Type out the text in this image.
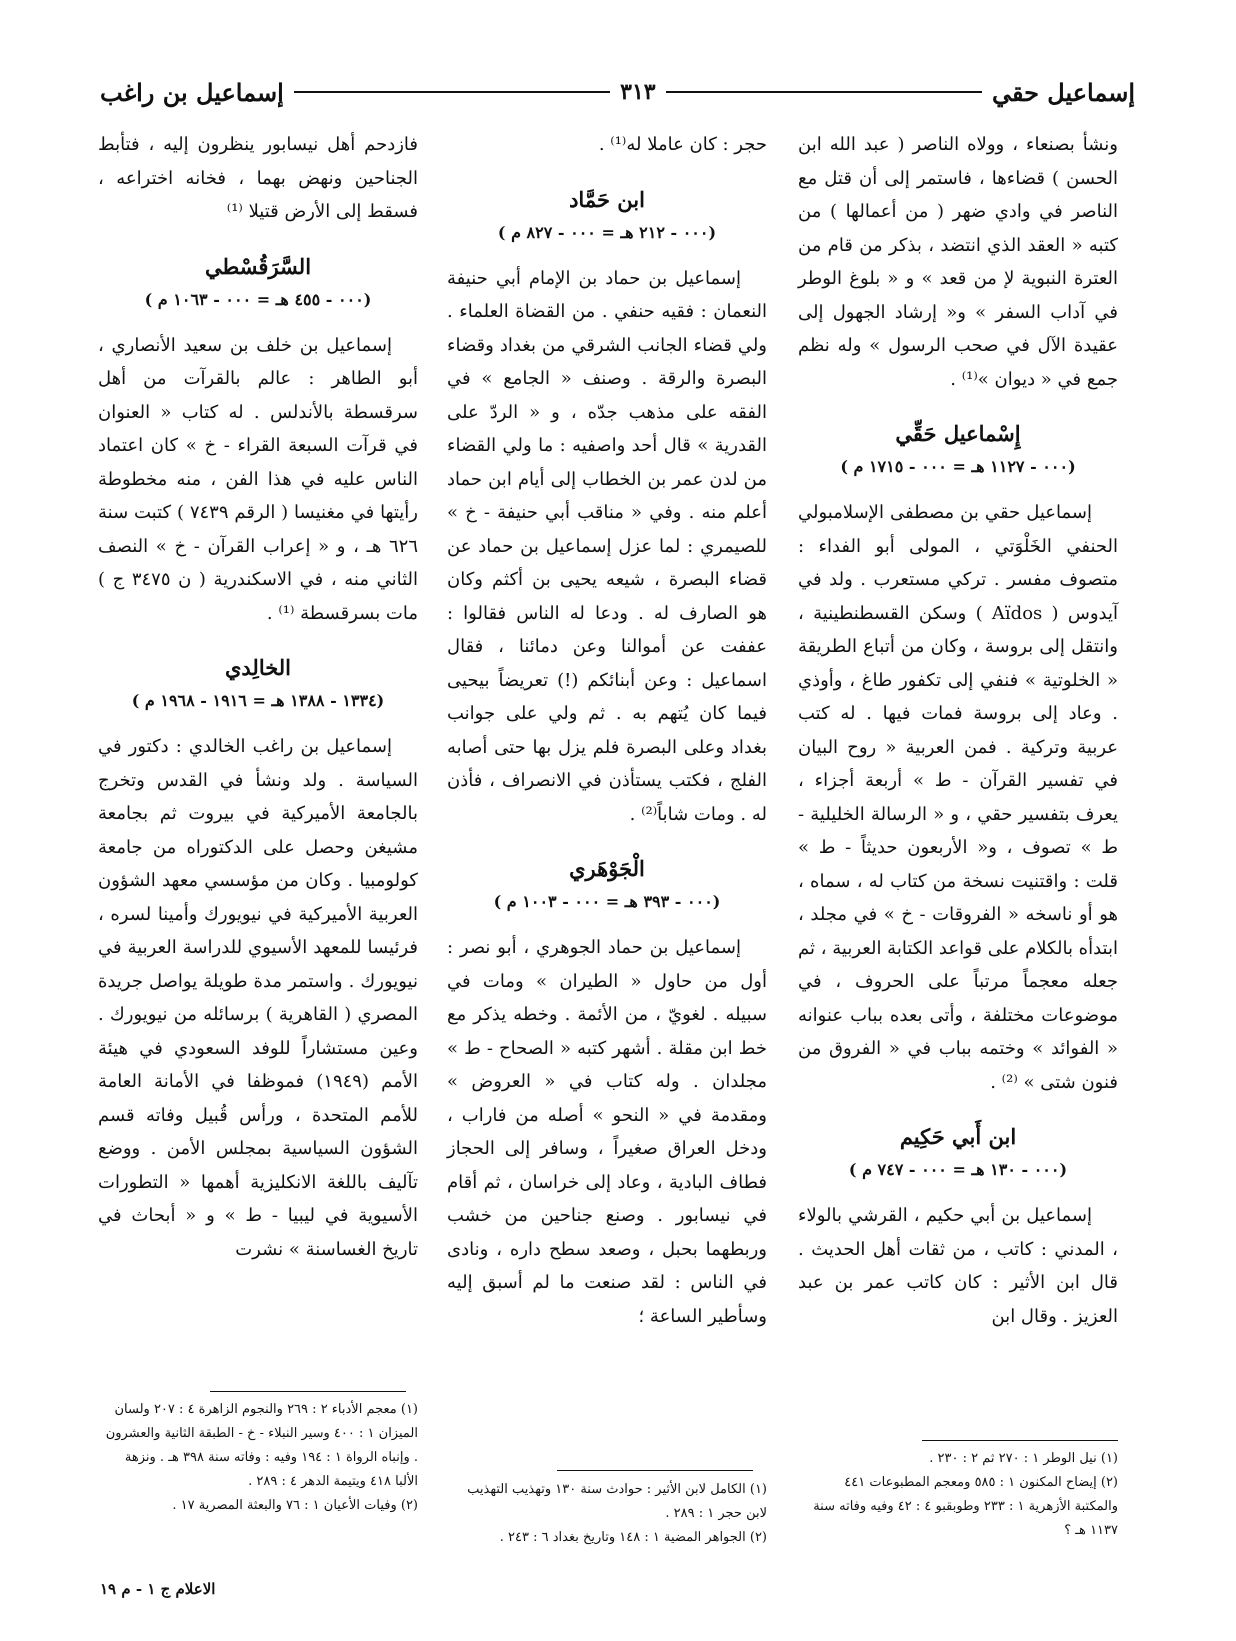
إسماعيل حقي
٣١٣
إسماعيل بن راغب

ونشأ بصنعاء ، وولاه الناصر ( عبد الله ابن الحسن ) قضاءها ، فاستمر إلى أن قتل مع الناصر في وادي ضهر ( من أعمالها ) من كتبه « العقد الذي انتضد ، بذكر من قام من العترة النبوية لإ من قعد » و « بلوغ الوطر في آداب السفر » و« إرشاد الجهول إلى عقيدة الآل في صحب الرسول » وله نظم جمع في « ديوان »⁽¹⁾ .

إِسْماعيل حَقِّي
(٠٠٠ - ١١٢٧ هـ = ٠٠٠ - ١٧١٥ م )

إسماعيل حقي بن مصطفى الإسلامبولي الحنفي الخَلْوَتي ، المولى أبو الفداء : متصوف مفسر . تركي مستعرب . ولد في آيدوس ( Aïdos ) وسكن القسطنطينية ، وانتقل إلى بروسة ، وكان من أتباع الطريقة « الخلوتية » فنفي إلى تكفور طاغ ، وأوذي . وعاد إلى بروسة فمات فيها . له كتب عربية وتركية . فمن العربية « روح البيان في تفسير القرآن - ط » أربعة أجزاء ، يعرف بتفسير حقي ، و « الرسالة الخليلية - ط » تصوف ، و« الأربعون حديثاً - ط » قلت : واقتنيت نسخة من كتاب له ، سماه ، هو أو ناسخه « الفروقات - خ » في مجلد ، ابتدأه بالكلام على قواعد الكتابة العربية ، ثم جعله معجماً مرتباً على الحروف ، في موضوعات مختلفة ، وأتى بعده بباب عنوانه « الفوائد » وختمه بباب في « الفروق من فنون شتى » ⁽²⁾ .

ابن أَبي حَكِيم
(٠٠٠ - ١٣٠ هـ = ٠٠٠ - ٧٤٧ م )

إسماعيل بن أبي حكيم ، القرشي بالولاء ، المدني : كاتب ، من ثقات أهل الحديث . قال ابن الأثير : كان كاتب عمر بن عبد العزيز . وقال ابن

(١) نيل الوطر ١ : ٢٧٠ ثم ٢ : ٢٣٠ .

(٢) إيضاح المكنون ١ : ٥٨٥ ومعجم المطبوعات ٤٤١ والمكتبة الأزهرية ١ : ٢٣٣ وطوبقبو ٤ : ٤٢ وفيه وفاته سنة ١١٣٧ هـ ؟

حجر : كان عاملا له⁽¹⁾ .

ابن حَمَّاد
(٠٠٠ - ٢١٢ هـ = ٠٠٠ - ٨٢٧ م )

إسماعيل بن حماد بن الإمام أبي حنيفة النعمان : فقيه حنفي . من القضاة العلماء . ولي قضاء الجانب الشرقي من بغداد وقضاء البصرة والرقة . وصنف « الجامع » في الفقه على مذهب جدّه ، و « الردّ على القدرية » قال أحد واصفيه : ما ولي القضاء من لدن عمر بن الخطاب إلى أيام ابن حماد أعلم منه . وفي « مناقب أبي حنيفة - خ » للصيمري : لما عزل إسماعيل بن حماد عن قضاء البصرة ، شيعه يحيى بن أكثم وكان هو الصارف له . ودعا له الناس فقالوا : عففت عن أموالنا وعن دمائنا ، فقال اسماعيل : وعن أبنائكم (!) تعريضاً بيحيى فيما كان يُتهم به . ثم ولي على جوانب بغداد وعلى البصرة فلم يزل بها حتى أصابه الفلج ، فكتب يستأذن في الانصراف ، فأذن له . ومات شاباً⁽²⁾ .

الْجَوْهَري
(٠٠٠ - ٣٩٣ هـ = ٠٠٠ - ١٠٠٣ م )

إسماعيل بن حماد الجوهري ، أبو نصر : أول من حاول « الطيران » ومات في سبيله . لغويّ ، من الأئمة . وخطه يذكر مع خط ابن مقلة . أشهر كتبه « الصحاح - ط » مجلدان . وله كتاب في « العروض » ومقدمة في « النحو » أصله من فاراب ، ودخل العراق صغيراً ، وسافر إلى الحجاز فطاف البادية ، وعاد إلى خراسان ، ثم أقام في نيسابور . وصنع جناحين من خشب وربطهما بحبل ، وصعد سطح داره ، ونادى في الناس : لقد صنعت ما لم أسبق إليه وسأطير الساعة ؛

(١) الكامل لابن الأثير : حوادث سنة ١٣٠ وتهذيب التهذيب لابن حجر ١ : ٢٨٩ .

(٢) الجواهر المضية ١ : ١٤٨ وتاريخ بغداد ٦ : ٢٤٣ .

فازدحم أهل نيسابور ينظرون إليه ، فتأبط الجناحين ونهض بهما ، فخانه اختراعه ، فسقط إلى الأرض قتيلا ⁽¹⁾

السَّرَقُسْطي
(٠٠٠ - ٤٥٥ هـ = ٠٠٠ - ١٠٦٣ م )

إسماعيل بن خلف بن سعيد الأنصاري ، أبو الطاهر : عالم بالقرآت من أهل سرقسطة بالأندلس . له كتاب « العنوان في قرآت السبعة القراء - خ » كان اعتماد الناس عليه في هذا الفن ، منه مخطوطة رأيتها في مغنيسا ( الرقم ٧٤٣٩ ) كتبت سنة ٦٢٦ هـ ، و « إعراب القرآن - خ » النصف الثاني منه ، في الاسكندرية ( ن ٣٤٧٥ ج ) مات بسرقسطة ⁽¹⁾ .

الخالِدي
(١٣٣٤ - ١٣٨٨ هـ = ١٩١٦ - ١٩٦٨ م )

إسماعيل بن راغب الخالدي : دكتور في السياسة . ولد ونشأ في القدس وتخرج بالجامعة الأميركية في بيروت ثم بجامعة مشيغن وحصل على الدكتوراه من جامعة كولومبيا . وكان من مؤسسي معهد الشؤون العربية الأميركية في نيويورك وأمينا لسره ، فرئيسا للمعهد الأسيوي للدراسة العربية في نيويورك . واستمر مدة طويلة يواصل جريدة المصري ( القاهرية ) برسائله من نيويورك . وعين مستشاراً للوفد السعودي في هيئة الأمم (١٩٤٩) فموظفا في الأمانة العامة للأمم المتحدة ، ورأس قُبيل وفاته قسم الشؤون السياسية بمجلس الأمن . ووضع تآليف باللغة الانكليزية أهمها « التطورات الأسيوية في ليبيا - ط » و « أبحاث في تاريخ الغساسنة » نشرت

(١) معجم الأدباء ٢ : ٢٦٩ والنجوم الزاهرة ٤ : ٢٠٧ ولسان الميزان ١ : ٤٠٠ وسير النبلاء - خ - الطبقة الثانية والعشرون . وإنباه الرواة ١ : ١٩٤ وفيه : وفاته سنة ٣٩٨ هـ . ونزهة الألبا ٤١٨ ويتيمة الدهر ٤ : ٢٨٩ .

(٢) وفيات الأعيان ١ : ٧٦ والبعثة المصرية ١٧ .

الاعلام ج ١ - م ١٩
